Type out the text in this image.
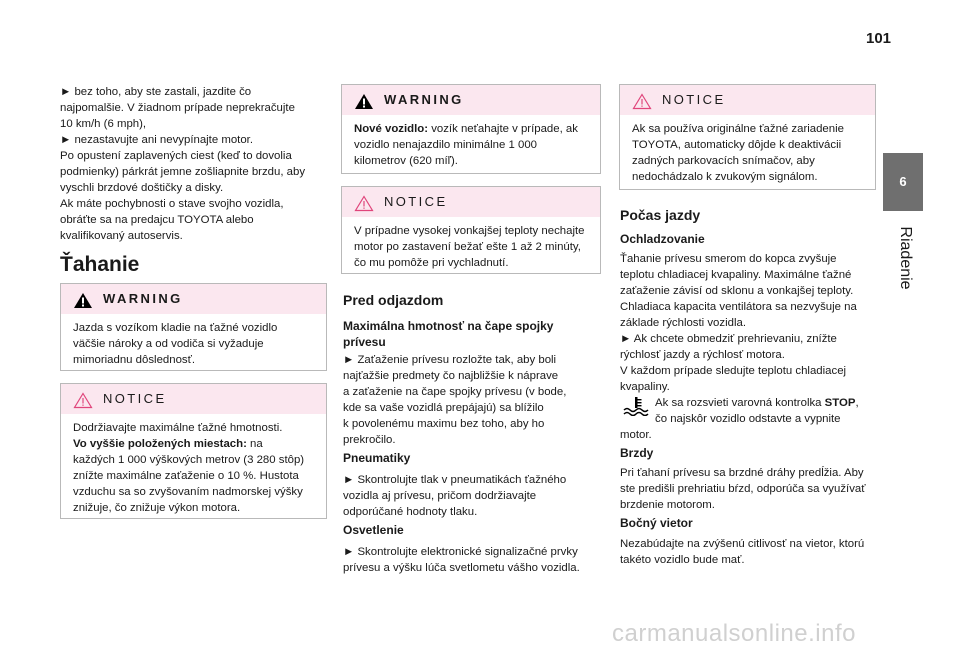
101
6
Riadenie

► bez toho, aby ste zastali, jazdite čo

najpomalšie. V žiadnom prípade neprekračujte

10 km/h (6 mph),

► nezastavujte ani nevypínajte motor.

Po opustení zaplavených ciest (keď to dovolia

podmienky) párkrát jemne zošliapnite brzdu, aby

vyschli brzdové doštičky a disky.

Ak máte pochybnosti o stave svojho vozidla,

obráťte sa na predajcu TOYOTA alebo

kvalifikovaný autoservis.

Ťahanie
WARNING

Jazda s vozíkom kladie na ťažné vozidlo

väčšie nároky a od vodiča si vyžaduje

mimoriadnu dôslednosť.

NOTICE

Dodržiavajte maximálne ťažné hmotnosti.

Vo vyššie položených miestach: na

každých 1 000 výškových metrov (3 280 stôp)

znížte maximálne zaťaženie o 10 %. Hustota

vzduchu sa so zvyšovaním nadmorskej výšky

znižuje, čo znižuje výkon motora.

WARNING

Nové vozidlo: vozík neťahajte v prípade, ak

vozidlo nenajazdilo minimálne 1 000

kilometrov (620 míľ).

NOTICE

V prípadne vysokej vonkajšej teploty nechajte

motor po zastavení bežať ešte 1 až 2 minúty,

čo mu pomôže pri vychladnutí.

Pred odjazdom
Maximálna hmotnosť na čape spojky
prívesu

► Zaťaženie prívesu rozložte tak, aby boli

najťažšie predmety čo najbližšie k náprave

a zaťaženie na čape spojky prívesu (v bode,

kde sa vaše vozidlá prepájajú) sa blížilo

k povolenému maximu bez toho, aby ho

prekročilo.

Pneumatiky

► Skontrolujte tlak v pneumatikách ťažného

vozidla aj prívesu, pričom dodržiavajte

odporúčané hodnoty tlaku.

Osvetlenie

► Skontrolujte elektronické signalizačné prvky

prívesu a výšku lúča svetlometu vášho vozidla.

NOTICE

Ak sa používa originálne ťažné zariadenie

TOYOTA, automaticky dôjde k deaktivácii

zadných parkovacích snímačov, aby

nedochádzalo k zvukovým signálom.

Počas jazdy
Ochladzovanie

Ťahanie prívesu smerom do kopca zvyšuje

teplotu chladiacej kvapaliny. Maximálne ťažné

zaťaženie závisí od sklonu a vonkajšej teploty.

Chladiaca kapacita ventilátora sa nezvyšuje na

základe rýchlosti vozidla.

► Ak chcete obmedziť prehrievaniu, znížte

rýchlosť jazdy a rýchlosť motora.

V každom prípade sledujte teplotu chladiacej

kvapaliny.

Ak sa rozsvieti varovná kontrolka STOP,

čo najskôr vozidlo odstavte a vypnite

motor.

Brzdy

Pri ťahaní prívesu sa brzdné dráhy predĺžia. Aby

ste predišli prehriatiu bŕzd, odporúča sa využívať

brzdenie motorom.

Bočný vietor

Nezabúdajte na zvýšenú citlivosť na vietor, ktorú

takéto vozidlo bude mať.

carmanualsonline.info
